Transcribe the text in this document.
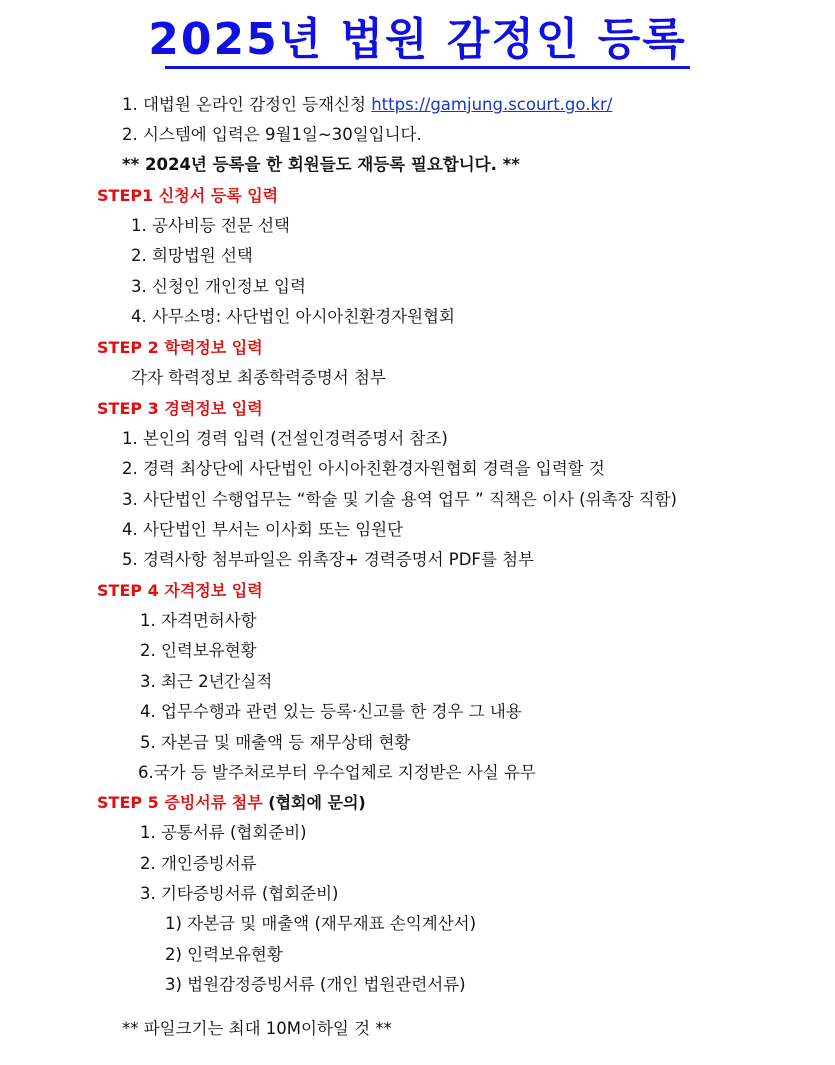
2025년 법원 감정인 등록
1. 대법원 온라인 감정인 등재신청 https://gamjung.scourt.go.kr/
2. 시스템에 입력은 9월1일~30일입니다.
** 2024년 등록을 한 회원들도 재등록 필요합니다. **
STEP1 신청서 등록 입력
1. 공사비등 전문 선택
2. 희망법원 선택
3. 신청인 개인정보 입력
4. 사무소명: 사단법인 아시아친환경자원협회
STEP 2 학력정보 입력
각자 학력정보 최종학력증명서 첨부
STEP 3 경력정보 입력
1. 본인의 경력 입력 (건설인경력증명서 참조)
2. 경력 최상단에 사단법인 아시아친환경자원협회 경력을 입력할 것
3. 사단법인 수행업무는 “학술 및 기술 용역 업무 ” 직책은 이사 (위촉장 직함)
4. 사단법인 부서는 이사회 또는 임원단
5. 경력사항 첨부파일은 위촉장+ 경력증명서 PDF를 첨부
STEP 4 자격정보 입력
1. 자격면허사항
2. 인력보유현황
3. 최근 2년간실적
4. 업무수행과 관련 있는 등록·신고를 한 경우 그 내용
5. 자본금 및 매출액 등 재무상태 현황
6.국가 등 발주처로부터 우수업체로 지정받은 사실 유무
STEP 5 증빙서류 첨부 (협회에 문의)
1. 공통서류 (협회준비)
2. 개인증빙서류
3. 기타증빙서류 (협회준비)
1) 자본금 및 매출액 (재무재표 손익계산서)
2) 인력보유현황
3) 법원감정증빙서류 (개인 법원관련서류)
** 파일크기는 최대 10M이하일 것 **
